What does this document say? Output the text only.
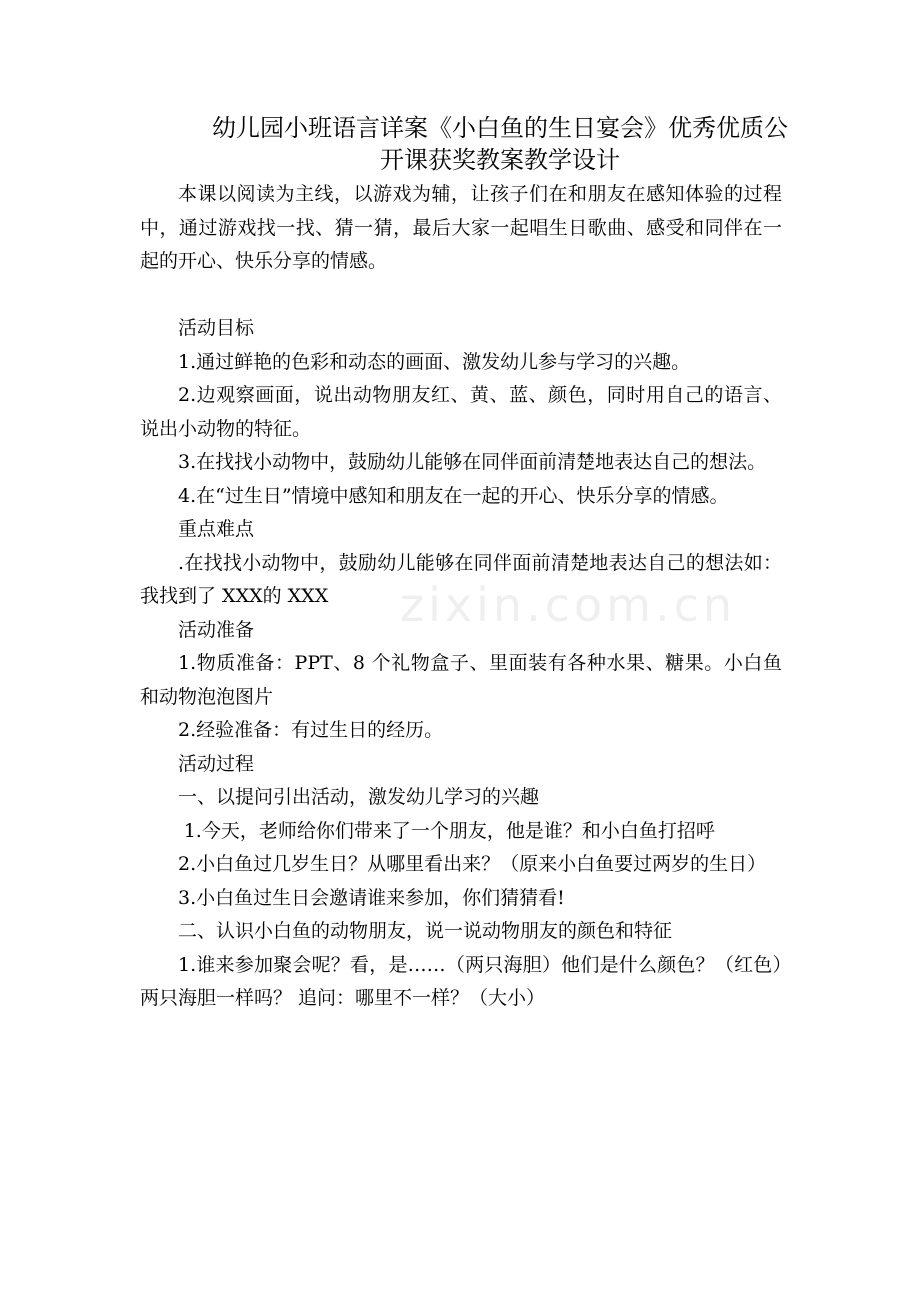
幼儿园小班语言详案《小白鱼的生日宴会》优秀优质公
开课获奖教案教学设计

本课以阅读为主线，以游戏为辅，让孩子们在和朋友在感知体验的过程中，通过游戏找一找、猜一猜，最后大家一起唱生日歌曲、感受和同伴在一起的开心、快乐分享的情感。

活动目标

1.通过鲜艳的色彩和动态的画面、激发幼儿参与学习的兴趣。

2.边观察画面，说出动物朋友红、黄、蓝、颜色，同时用自己的语言、说出小动物的特征。

3.在找找小动物中，鼓励幼儿能够在同伴面前清楚地表达自己的想法。

4.在“过生日”情境中感知和朋友在一起的开心、快乐分享的情感。

重点难点

.在找找小动物中，鼓励幼儿能够在同伴面前清楚地表达自己的想法如：我找到了 XXX的 XXX

活动准备

1.物质准备：PPT、8 个礼物盒子、里面装有各种水果、糖果。小白鱼和动物泡泡图片

2.经验准备：有过生日的经历。

活动过程

一、以提问引出活动，激发幼儿学习的兴趣

1.今天，老师给你们带来了一个朋友，他是谁？和小白鱼打招呼

2.小白鱼过几岁生日？从哪里看出来？（原来小白鱼要过两岁的生日）

3.小白鱼过生日会邀请谁来参加，你们猜猜看!

二、认识小白鱼的动物朋友，说一说动物朋友的颜色和特征

1.谁来参加聚会呢？看，是……（两只海胆）他们是什么颜色？（红色）两只海胆一样吗？ 追问：哪里不一样？（大小）

zixin.com.cn
